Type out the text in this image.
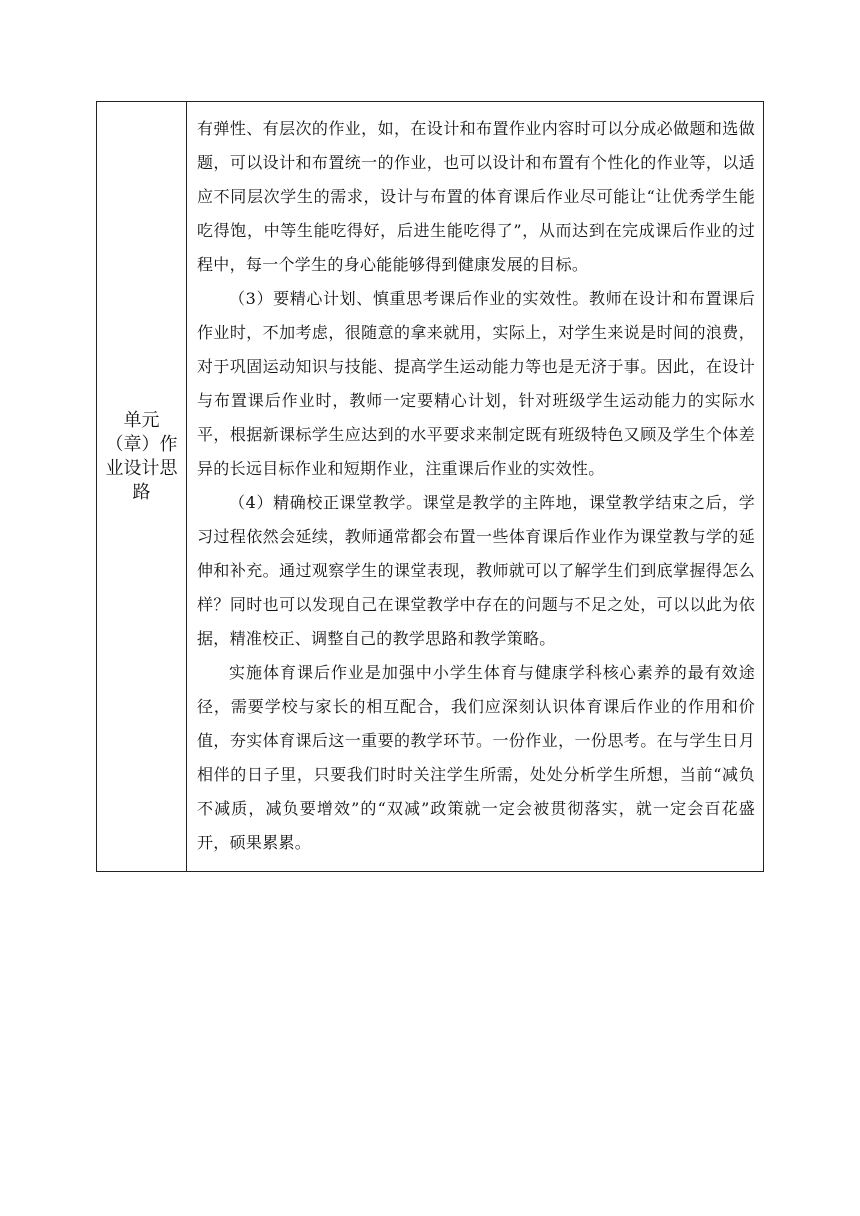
单元（章）作业设计思路

有弹性、有层次的作业，如，在设计和布置作业内容时可以分成必做题和选做题，可以设计和布置统一的作业，也可以设计和布置有个性化的作业等，以适应不同层次学生的需求，设计与布置的体育课后作业尽可能让“让优秀学生能吃得饱，中等生能吃得好，后进生能吃得了”，从而达到在完成课后作业的过程中，每一个学生的身心能能够得到健康发展的目标。

（3）要精心计划、慎重思考课后作业的实效性。教师在设计和布置课后作业时，不加考虑，很随意的拿来就用，实际上，对学生来说是时间的浪费，对于巩固运动知识与技能、提高学生运动能力等也是无济于事。因此，在设计与布置课后作业时，教师一定要精心计划，针对班级学生运动能力的实际水平，根据新课标学生应达到的水平要求来制定既有班级特色又顾及学生个体差异的长远目标作业和短期作业，注重课后作业的实效性。

（4）精确校正课堂教学。课堂是教学的主阵地，课堂教学结束之后，学习过程依然会延续，教师通常都会布置一些体育课后作业作为课堂教与学的延伸和补充。通过观察学生的课堂表现，教师就可以了解学生们到底掌握得怎么样？同时也可以发现自己在课堂教学中存在的问题与不足之处，可以以此为依据，精准校正、调整自己的教学思路和教学策略。

实施体育课后作业是加强中小学生体育与健康学科核心素养的最有效途径，需要学校与家长的相互配合，我们应深刻认识体育课后作业的作用和价值，夯实体育课后这一重要的教学环节。一份作业，一份思考。在与学生日月相伴的日子里，只要我们时时关注学生所需，处处分析学生所想，当前“减负不减质，减负要增效”的“双减”政策就一定会被贯彻落实，就一定会百花盛开，硕果累累。
